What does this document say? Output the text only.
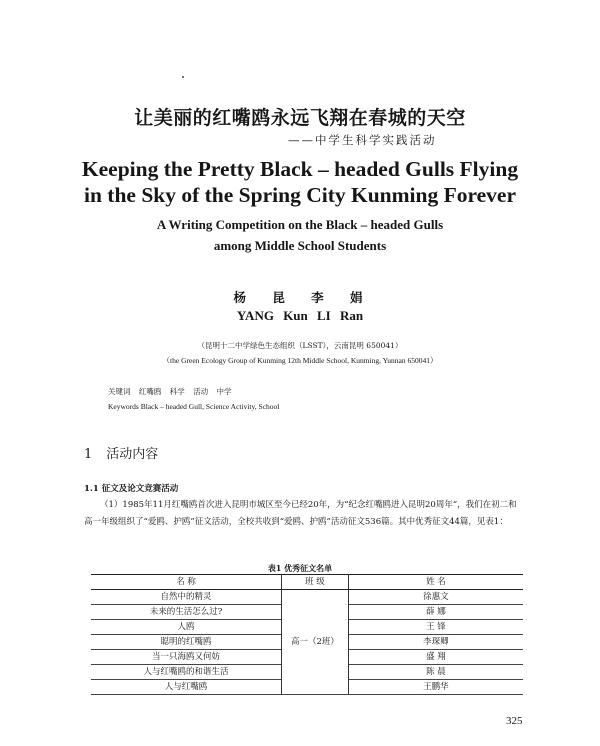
让美丽的红嘴鸥永远飞翔在春城的天空
——中学生科学实践活动
Keeping the Pretty Black – headed Gulls Flying
in the Sky of the Spring City Kunming Forever
A Writing Competition on the Black – headed Gulls
among Middle School Students
杨 昆 李 娟
YANG Kun LI Ran
（昆明十二中学绿色生态组织（LSST），云南昆明 650041）
（the Green Ecology Group of Kunming 12th Middle School, Kunming, Yunnan 650041）
关键词 红嘴鸥 科学 活动 中学
Keywords Black – headed Gull, Science Activity, School
1 活动内容
1.1 征文及论文竞赛活动
（1）1985年11月红嘴鸥首次进入昆明市城区至今已经20年，为“纪念红嘴鸥进入昆明20周年”，我们在初二和高一年级组织了“爱鸥、护鸥”征文活动，全校共收到“爱鸥、护鸥”活动征文536篇。其中优秀征文44篇，见表1：
表1 优秀征文名单
名 称	班 级	姓 名
自然中的精灵	高一（2班）	徐惠文
未来的生活怎么过?		薛 娜
人鸥		王 锋
聪明的红嘴鸥		李琛卿
当一只海鸥又何妨		盛 翔
人与红嘴鸥的和谐生活		陈 晨
人与红嘴鸥		王鹏华
325
